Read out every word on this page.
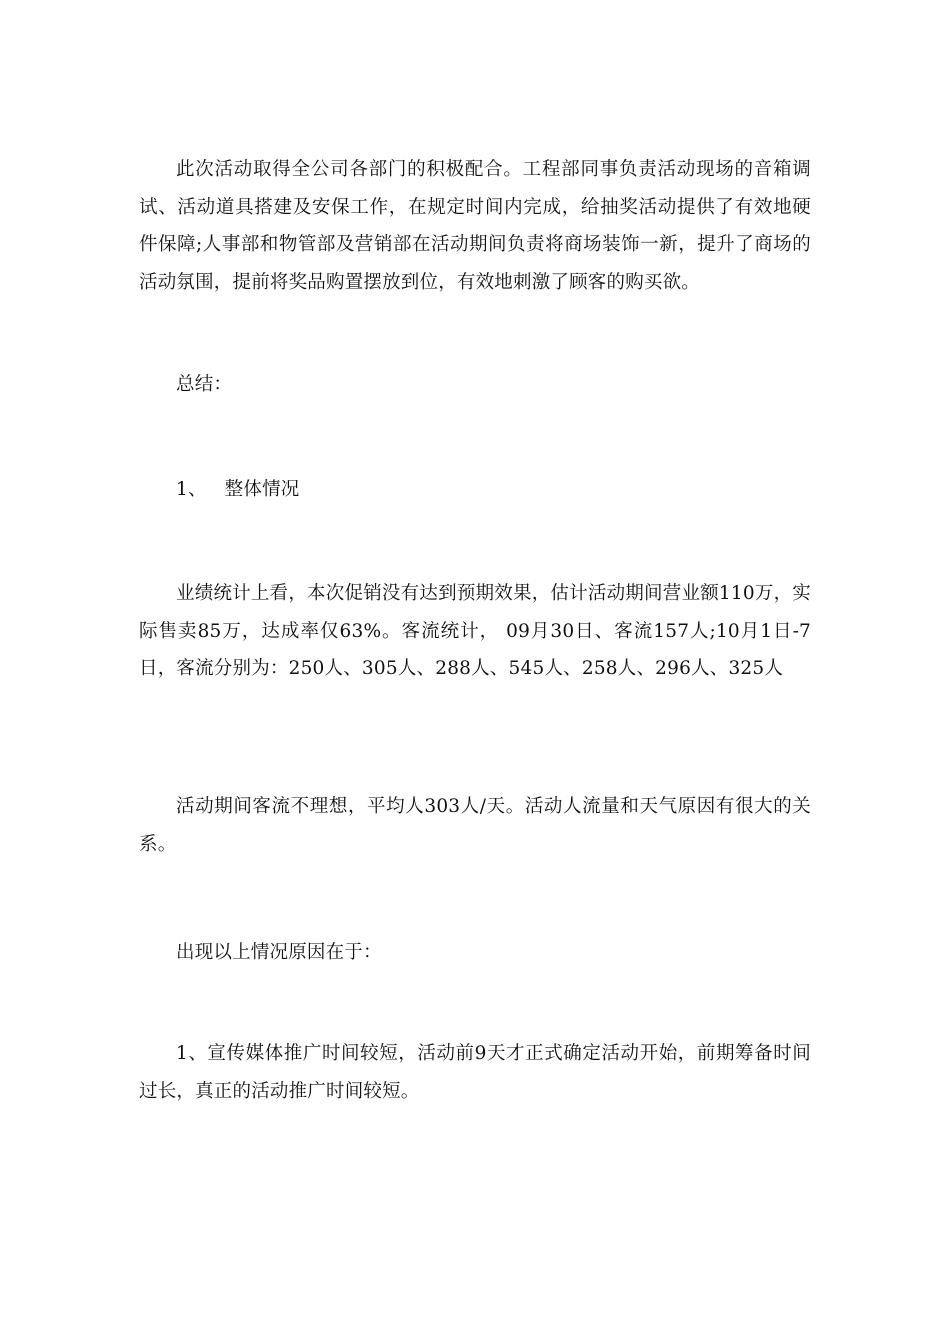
此次活动取得全公司各部门的积极配合。工程部同事负责活动现场的音箱调试、活动道具搭建及安保工作，在规定时间内完成，给抽奖活动提供了有效地硬件保障;人事部和物管部及营销部在活动期间负责将商场装饰一新，提升了商场的活动氛围，提前将奖品购置摆放到位，有效地刺激了顾客的购买欲。

总结：

1、 整体情况

业绩统计上看，本次促销没有达到预期效果，估计活动期间营业额110万，实际售卖85万，达成率仅63%。客流统计， 09月30日、客流157人;10月1日-7日，客流分别为：250人、305人、288人、545人、258人、296人、325人

活动期间客流不理想，平均人303人/天。活动人流量和天气原因有很大的关系。

出现以上情况原因在于：

1、宣传媒体推广时间较短，活动前9天才正式确定活动开始，前期筹备时间过长，真正的活动推广时间较短。
